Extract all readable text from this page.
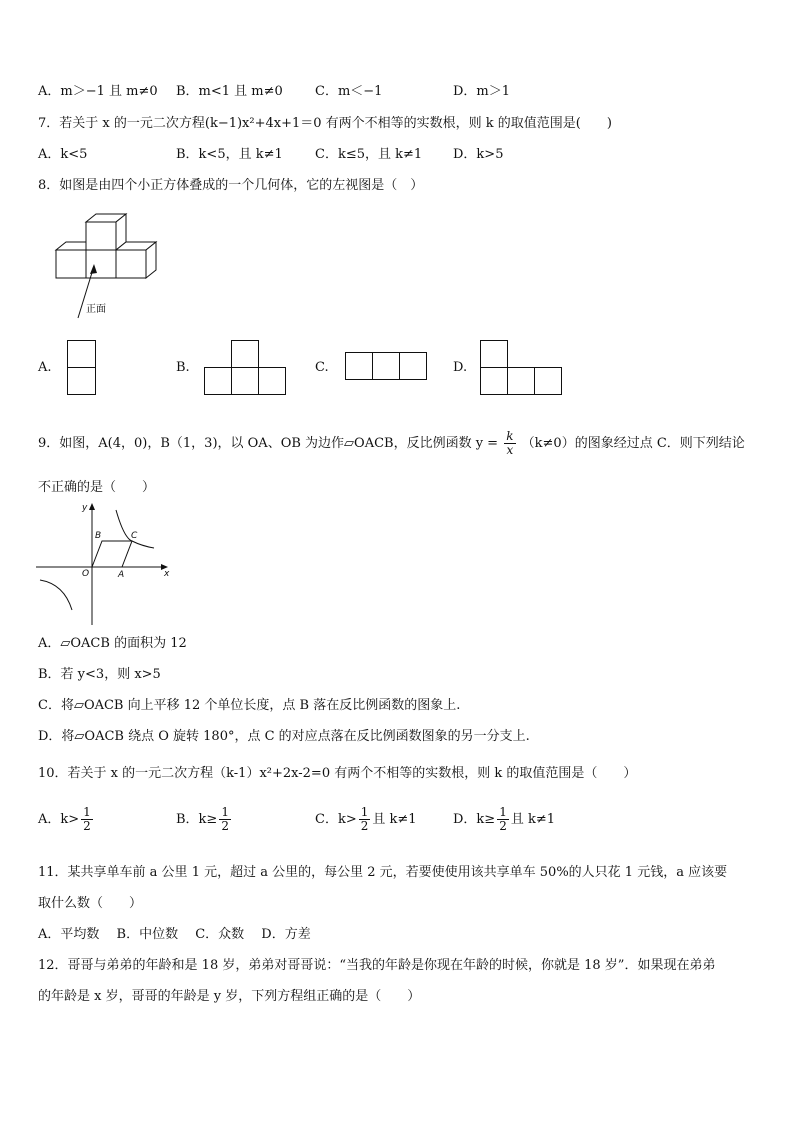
A．m＞−1 且 m≠0 B．m<1 且 m≠0 C．m＜−1	D．m＞1
7．若关于 x 的一元二次方程(k−1)x²+4x+1＝0 有两个不相等的实数根，则 k 的取值范围是(　　)
A．k<5	B．k<5，且 k≠1 C．k≤5，且 k≠1 D．k>5
8．如图是由四个小正方体叠成的一个几何体，它的左视图是（　）
正面
A.	B.	C.	D.
9．如图，A(4，0)，B（1，3)，以 OA、OB 为边作▱OACB，反比例函数 $y = \frac{k}{x} (k\ne 0)$的图象经过点 C．则下列结论
不正确的是（　　）
y
x
O	A
B	C
A．▱OACB 的面积为 12
B．若 y<3，则 x>5
C．将▱OACB 向上平移 12 个单位长度，点 B 落在反比例函数的图象上.
D．将▱OACB 绕点 O 旋转 180°，点 C 的对应点落在反比例函数图象的另一分支上.
10．若关于 x 的一元二次方程（k-1）x²+2x-2=0 有两个不相等的实数根，则 k 的取值范围是（　　）
A．$k> \frac{1}{2}$	B．$k\ge \frac{1}{2}$	C．$k> \frac{1}{2}$ 且 k≠1	D．$k\ge \frac{1}{2}$ 且 k≠1
11．某共享单车前 a 公里 1 元，超过 a 公里的，每公里 2 元，若要使使用该共享单车 50%的人只花 1 元钱，a 应该要
取什么数（　　）
A．平均数　 B．中位数　 C．众数　 D．方差
12．哥哥与弟弟的年龄和是 18 岁，弟弟对哥哥说：“当我的年龄是你现在年龄的时候，你就是 18 岁”．如果现在弟弟
的年龄是 x 岁，哥哥的年龄是 y 岁，下列方程组正确的是（　　）
